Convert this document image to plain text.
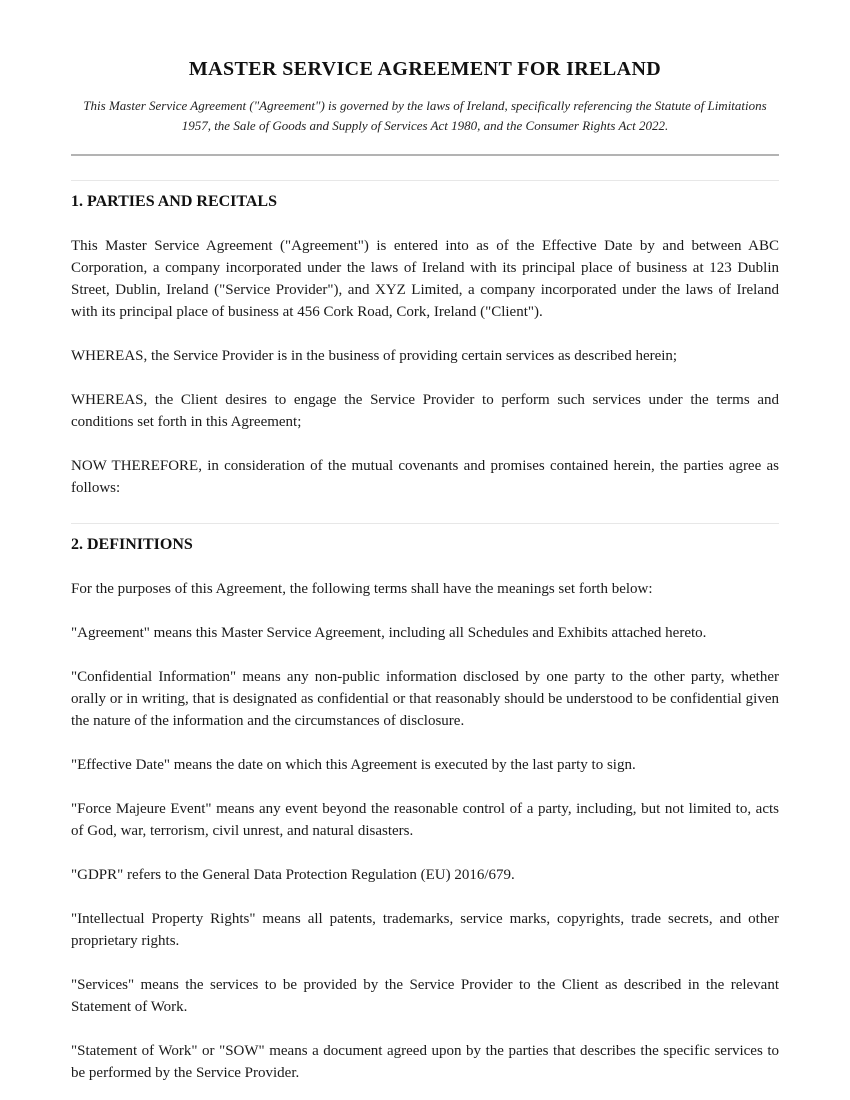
MASTER SERVICE AGREEMENT FOR IRELAND

This Master Service Agreement ("Agreement") is governed by the laws of Ireland, specifically referencing the Statute of Limitations 1957, the Sale of Goods and Supply of Services Act 1980, and the Consumer Rights Act 2022.

1. PARTIES AND RECITALS

This Master Service Agreement ("Agreement") is entered into as of the Effective Date by and between ABC Corporation, a company incorporated under the laws of Ireland with its principal place of business at 123 Dublin Street, Dublin, Ireland ("Service Provider"), and XYZ Limited, a company incorporated under the laws of Ireland with its principal place of business at 456 Cork Road, Cork, Ireland ("Client").

WHEREAS, the Service Provider is in the business of providing certain services as described herein;

WHEREAS, the Client desires to engage the Service Provider to perform such services under the terms and conditions set forth in this Agreement;

NOW THEREFORE, in consideration of the mutual covenants and promises contained herein, the parties agree as follows:

2. DEFINITIONS

For the purposes of this Agreement, the following terms shall have the meanings set forth below:

"Agreement" means this Master Service Agreement, including all Schedules and Exhibits attached hereto.

"Confidential Information" means any non-public information disclosed by one party to the other party, whether orally or in writing, that is designated as confidential or that reasonably should be understood to be confidential given the nature of the information and the circumstances of disclosure.

"Effective Date" means the date on which this Agreement is executed by the last party to sign.

"Force Majeure Event" means any event beyond the reasonable control of a party, including, but not limited to, acts of God, war, terrorism, civil unrest, and natural disasters.

"GDPR" refers to the General Data Protection Regulation (EU) 2016/679.

"Intellectual Property Rights" means all patents, trademarks, service marks, copyrights, trade secrets, and other proprietary rights.

"Services" means the services to be provided by the Service Provider to the Client as described in the relevant Statement of Work.

"Statement of Work" or "SOW" means a document agreed upon by the parties that describes the specific services to be performed by the Service Provider.
